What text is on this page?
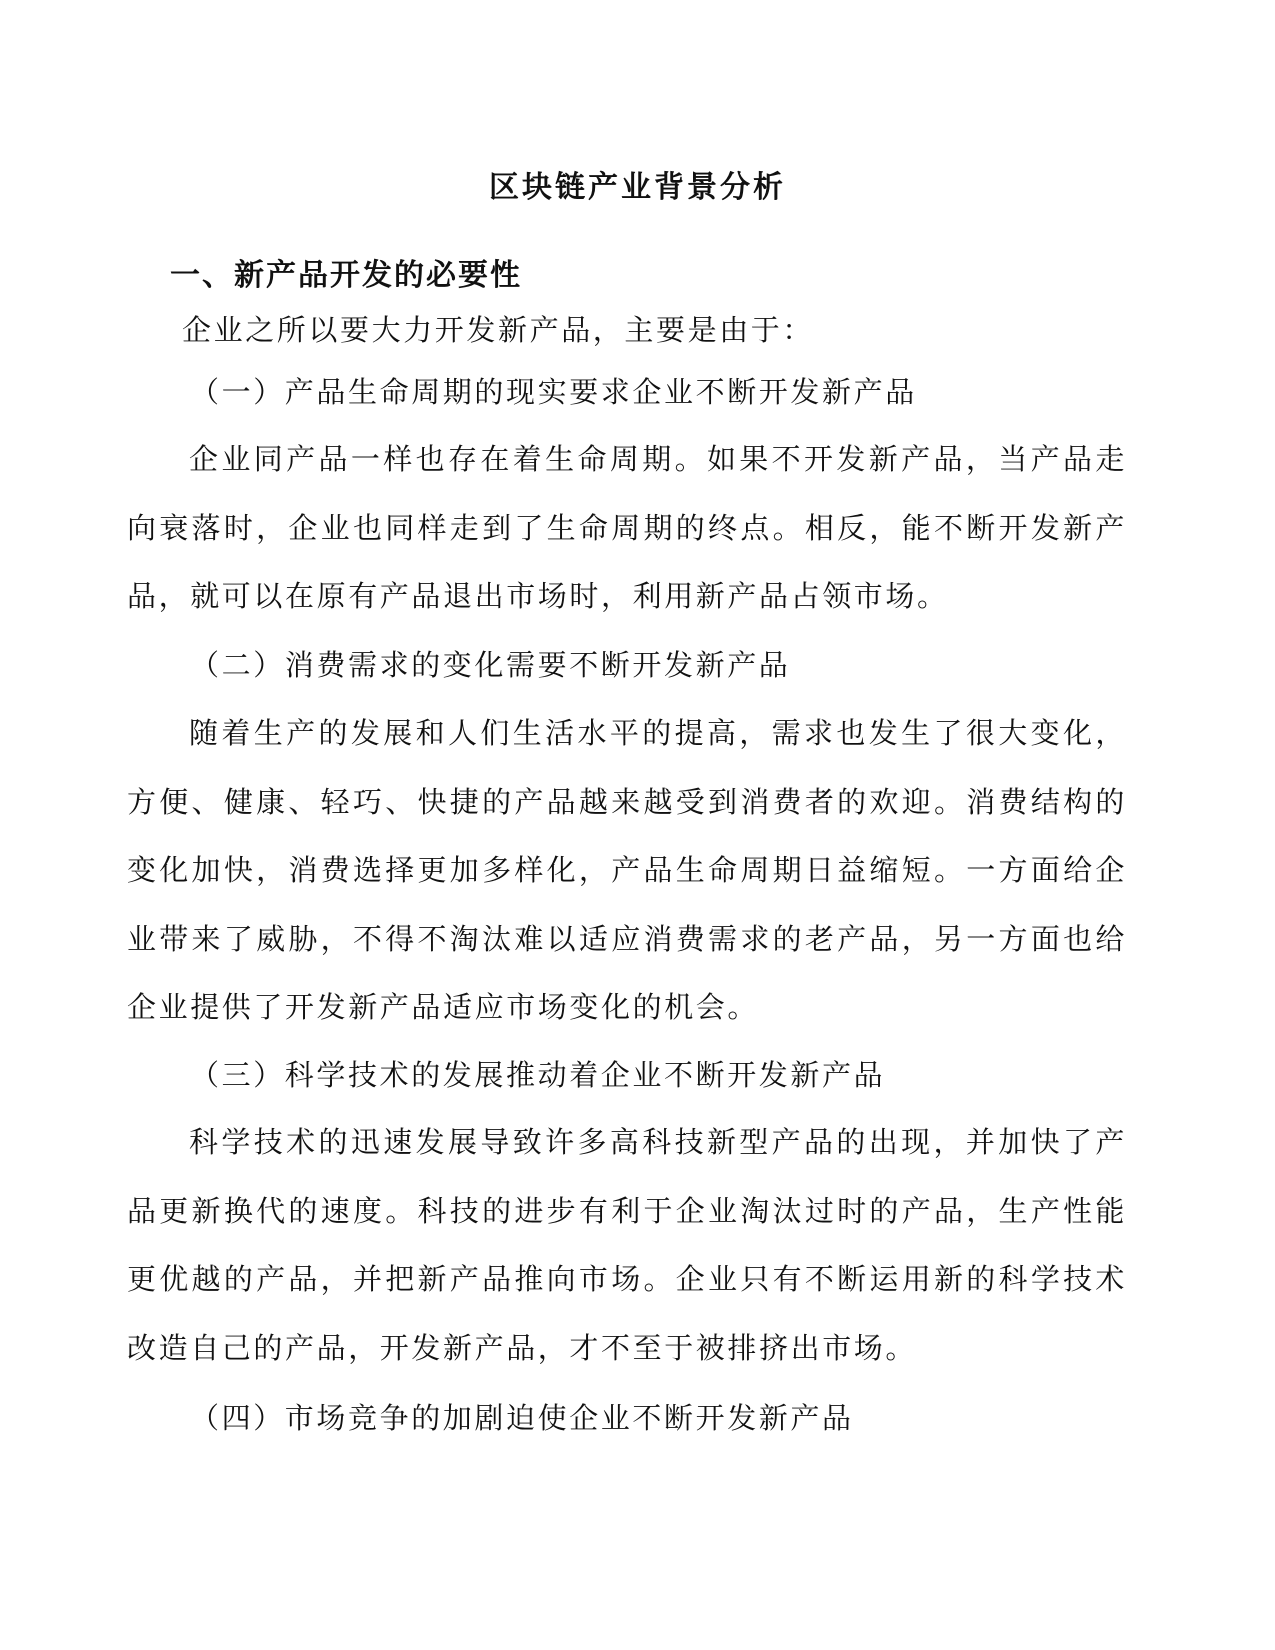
区块链产业背景分析
一、新产品开发的必要性

企业之所以要大力开发新产品，主要是由于：

（一）产品生命周期的现实要求企业不断开发新产品

企业同产品一样也存在着生命周期。如果不开发新产品，当产品走向衰落时，企业也同样走到了生命周期的终点。相反，能不断开发新产品，就可以在原有产品退出市场时，利用新产品占领市场。

（二）消费需求的变化需要不断开发新产品

随着生产的发展和人们生活水平的提高，需求也发生了很大变化，方便、健康、轻巧、快捷的产品越来越受到消费者的欢迎。消费结构的变化加快，消费选择更加多样化，产品生命周期日益缩短。一方面给企业带来了威胁，不得不淘汰难以适应消费需求的老产品，另一方面也给企业提供了开发新产品适应市场变化的机会。

（三）科学技术的发展推动着企业不断开发新产品

科学技术的迅速发展导致许多高科技新型产品的出现，并加快了产品更新换代的速度。科技的进步有利于企业淘汰过时的产品，生产性能更优越的产品，并把新产品推向市场。企业只有不断运用新的科学技术改造自己的产品，开发新产品，才不至于被排挤出市场。

（四）市场竞争的加剧迫使企业不断开发新产品
